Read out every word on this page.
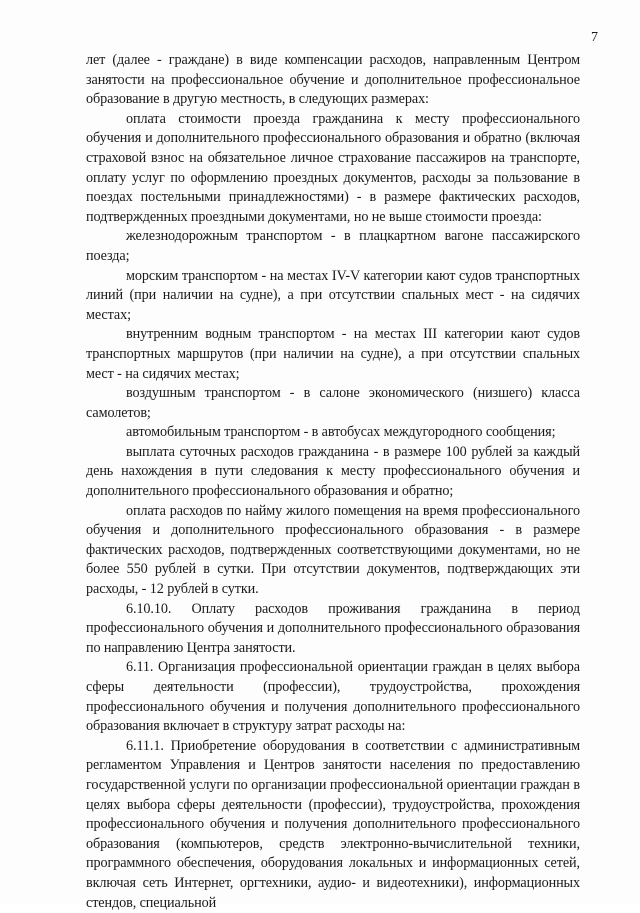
7

лет (далее - граждане) в виде компенсации расходов, направленным Центром занятости на профессиональное обучение и дополнительное профессиональное образование в другую местность, в следующих размерах:

оплата стоимости проезда гражданина к месту профессионального обучения и дополнительного профессионального образования и обратно (включая страховой взнос на обязательное личное страхование пассажиров на транспорте, оплату услуг по оформлению проездных документов, расходы за пользование в поездах постельными принадлежностями) - в размере фактических расходов, подтвержденных проездными документами, но не выше стоимости проезда:

железнодорожным транспортом - в плацкартном вагоне пассажирского поезда;

морским транспортом - на местах IV-V категории кают судов транспортных линий (при наличии на судне), а при отсутствии спальных мест - на сидячих местах;

внутренним водным транспортом - на местах III категории кают судов транспортных маршрутов (при наличии на судне), а при отсутствии спальных мест - на сидячих местах;

воздушным транспортом - в салоне экономического (низшего) класса самолетов;

автомобильным транспортом - в автобусах междугородного сообщения;

выплата суточных расходов гражданина - в размере 100 рублей за каждый день нахождения в пути следования к месту профессионального обучения и дополнительного профессионального образования и обратно;

оплата расходов по найму жилого помещения на время профессионального обучения и дополнительного профессионального образования - в размере фактических расходов, подтвержденных соответствующими документами, но не более 550 рублей в сутки. При отсутствии документов, подтверждающих эти расходы, - 12 рублей в сутки.

6.10.10. Оплату расходов проживания гражданина в период профессионального обучения и дополнительного профессионального образования по направлению Центра занятости.

6.11. Организация профессиональной ориентации граждан в целях выбора сферы деятельности (профессии), трудоустройства, прохождения профессионального обучения и получения дополнительного профессионального образования включает в структуру затрат расходы на:

6.11.1. Приобретение оборудования в соответствии с административным регламентом Управления и Центров занятости населения по предоставлению государственной услуги по организации профессиональной ориентации граждан в целях выбора сферы деятельности (профессии), трудоустройства, прохождения профессионального обучения и получения дополнительного профессионального образования (компьютеров, средств электронно-вычислительной техники, программного обеспечения, оборудования локальных и информационных сетей, включая сеть Интернет, оргтехники, аудио- и видеотехники), информационных стендов, специальной
